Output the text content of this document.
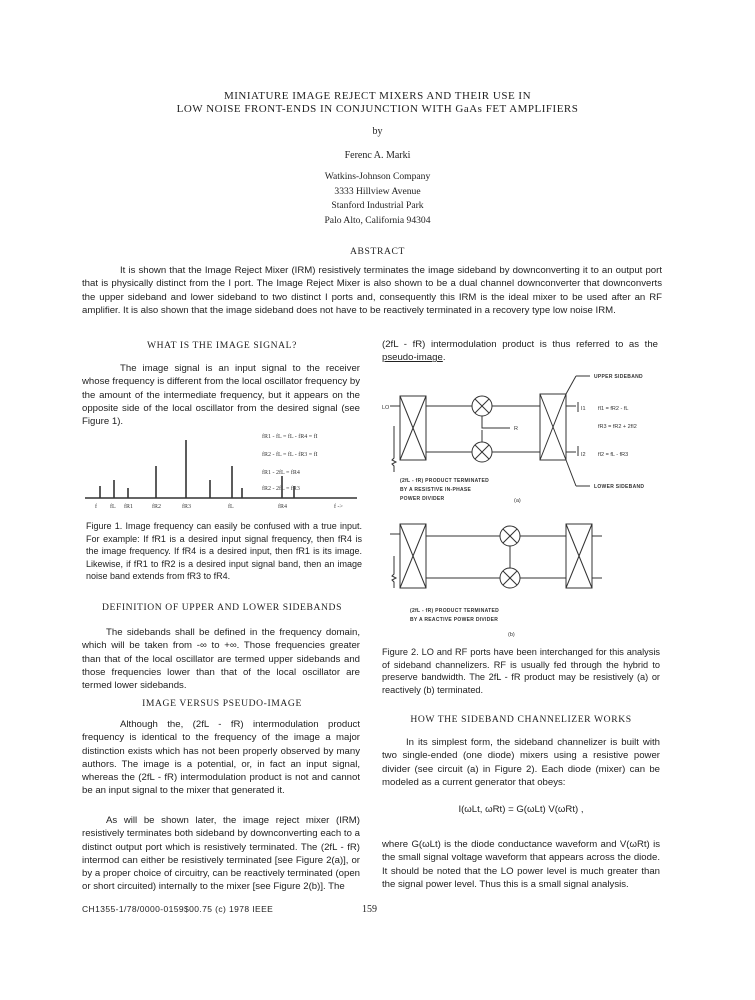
MINIATURE IMAGE REJECT MIXERS AND THEIR USE IN
LOW NOISE FRONT-ENDS IN CONJUNCTION WITH GaAs FET AMPLIFIERS
by
Ferenc A. Marki
Watkins-Johnson Company
3333 Hillview Avenue
Stanford Industrial Park
Palo Alto, California 94304
ABSTRACT
It is shown that the Image Reject Mixer (IRM) resistively terminates the image sideband by downconverting it to an output port that is physically distinct from the I port. The Image Reject Mixer is also shown to be a dual channel downconverter that downconverts the upper sideband and lower sideband to two distinct I ports and, consequently this IRM is the ideal mixer to be used after an RF amplifier. It is also shown that the image sideband does not have to be reactively terminated in a recovery type low noise IRM.
WHAT IS THE IMAGE SIGNAL?
The image signal is an input signal to the receiver whose frequency is different from the local oscillator frequency by the amount of the intermediate frequency, but it appears on the opposite side of the local oscillator from the desired signal (see Figure 1).
f fL fR1	fR2	fR3	fL	fR4	f ->
fR1 - fL = fL - fR4 = fI
fR2 - fL = fL - fR3 = fI
fR1 - 2fL = fR4
fR2 - 2fL = fR3
Figure 1. Image frequency can easily be confused with a true input. For example: If fR1 is a desired input signal frequency, then fR4 is the image frequency. If fR4 is a desired input, then fR1 is its image. Likewise, if fR1 to fR2 is a desired input signal band, then an image noise band extends from fR3 to fR4.
DEFINITION OF UPPER AND LOWER SIDEBANDS
The sidebands shall be defined in the frequency domain, which will be taken from -∞ to +∞. Those frequencies greater than that of the local oscillator are termed upper sidebands and those frequencies lower than that of the local oscillator are termed lower sidebands.
IMAGE VERSUS PSEUDO-IMAGE
Although the, (2fL - fR) intermodulation product frequency is identical to the frequency of the image a major distinction exists which has not been properly observed by many authors. The image is a potential, or, in fact an input signal, whereas the (2fL - fR) intermodulation product is not and cannot be an input signal to the mixer that generated it.
As will be shown later, the image reject mixer (IRM) resistively terminates both sideband by downconverting each to a distinct output port which is resistively terminated. The (2fL - fR) intermod can either be resistively terminated [see Figure 2(a)], or by a proper choice of circuitry, can be reactively terminated (open or short circuited) internally to the mixer [see Figure 2(b)]. The
(2fL - fR) intermodulation product is thus referred to as the pseudo-image.
UPPER SIDEBAND
LOWER SIDEBAND
LO
R
I1
I2
fI1 = fR2 - fL
fR3 = fR2 + 2fI2
fI2 = fL - fR3
(2fL - fR) PRODUCT TERMINATED
BY A RESISTIVE IN-PHASE
POWER DIVIDER	(a)
(2fL - fR) PRODUCT TERMINATED
BY A REACTIVE POWER DIVIDER
(b)
Figure 2. LO and RF ports have been interchanged for this analysis of sideband channelizers. RF is usually fed through the hybrid to preserve bandwidth. The 2fL - fR product may be resistively (a) or reactively (b) terminated.
HOW THE SIDEBAND CHANNELIZER WORKS
In its simplest form, the sideband channelizer is built with two single-ended (one diode) mixers using a resistive power divider (see circuit (a) in Figure 2). Each diode (mixer) can be modeled as a current generator that obeys:
I(ωLt, ωRt) = G(ωLt) V(ωRt) ,
where G(ωLt) is the diode conductance waveform and V(ωRt) is the small signal voltage waveform that appears across the diode. It should be noted that the LO power level is much greater than the signal power level. Thus this is a small signal analysis.
CH1355-1/78/0000-0159$00.75 (c) 1978 IEEE	159
